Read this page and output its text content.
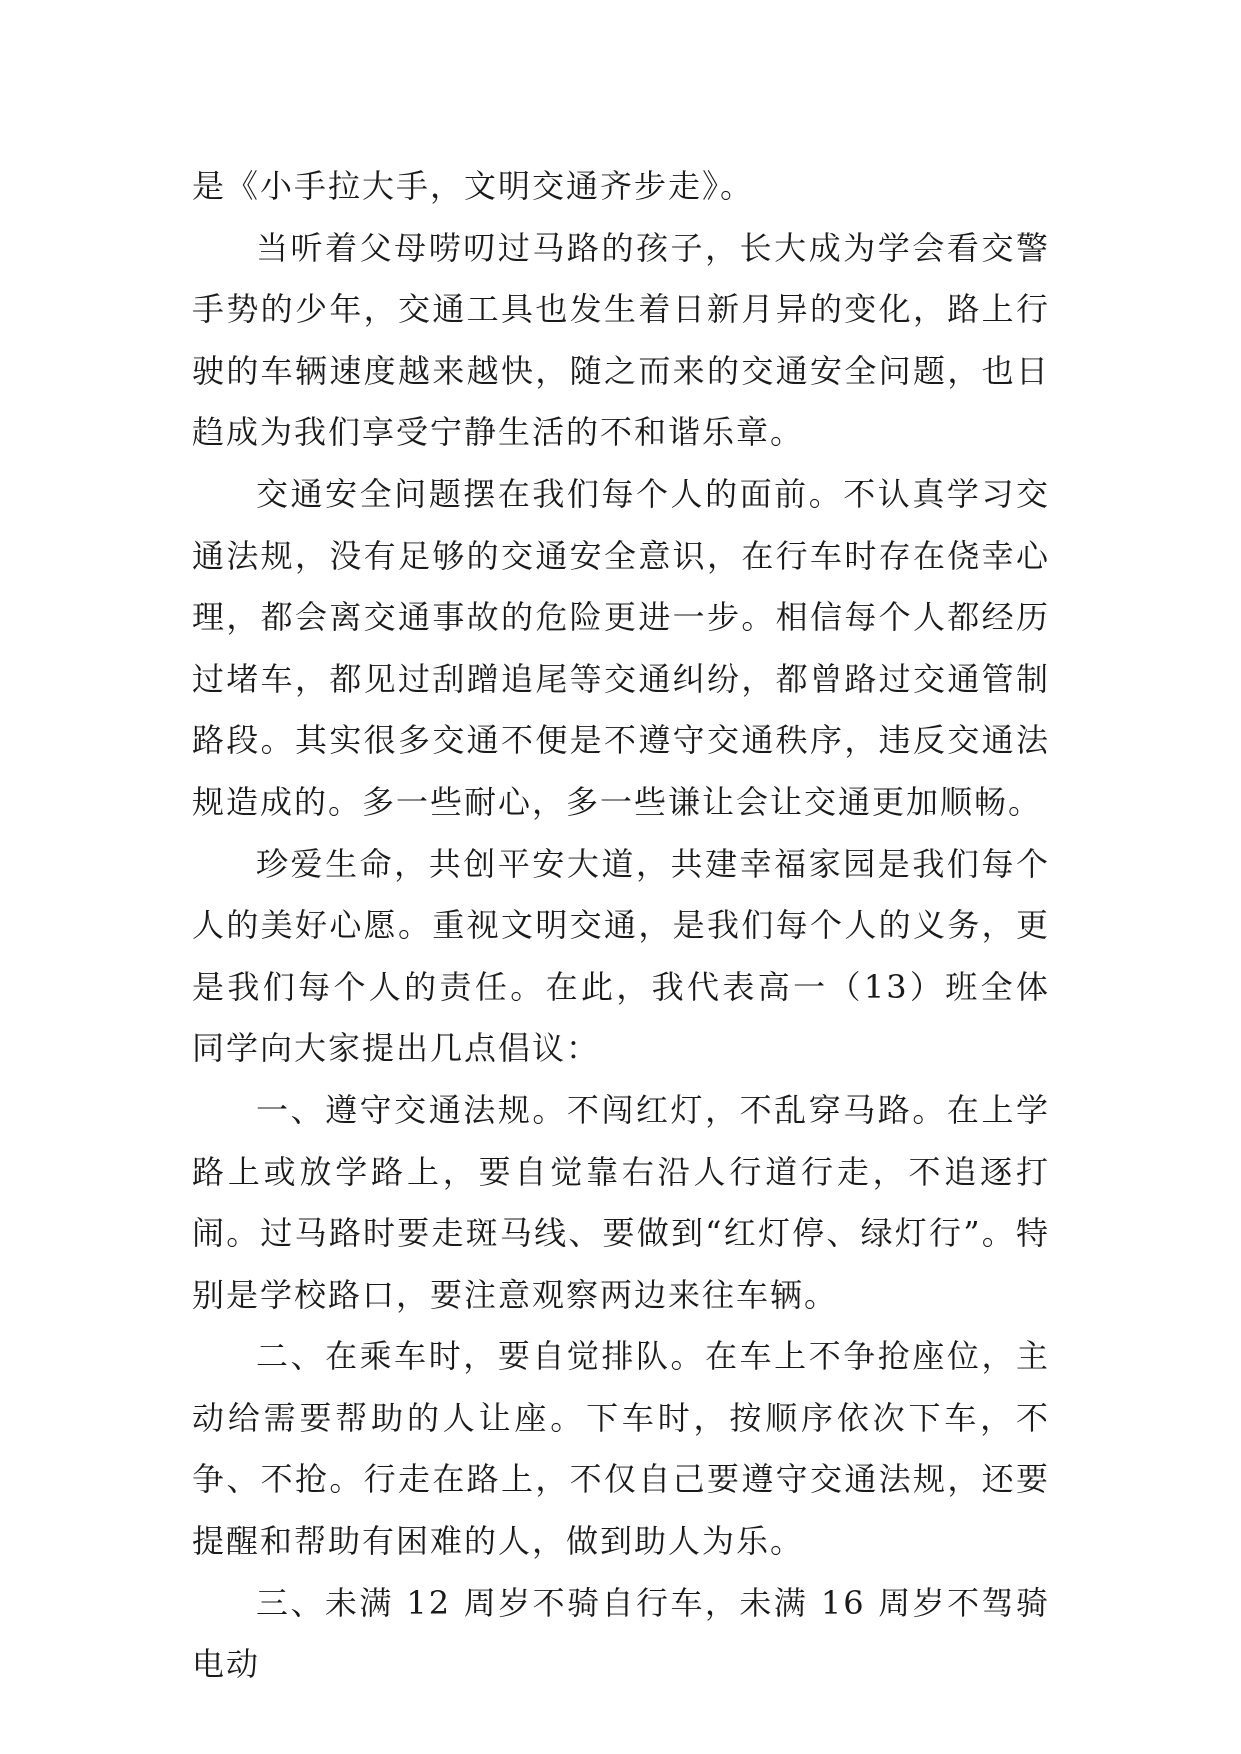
是《小手拉大手，文明交通齐步走》。

当听着父母唠叨过马路的孩子，长大成为学会看交警手势的少年，交通工具也发生着日新月异的变化，路上行驶的车辆速度越来越快，随之而来的交通安全问题，也日趋成为我们享受宁静生活的不和谐乐章。

交通安全问题摆在我们每个人的面前。不认真学习交通法规，没有足够的交通安全意识，在行车时存在侥幸心理，都会离交通事故的危险更进一步。相信每个人都经历过堵车，都见过刮蹭追尾等交通纠纷，都曾路过交通管制路段。其实很多交通不便是不遵守交通秩序，违反交通法规造成的。多一些耐心，多一些谦让会让交通更加顺畅。

珍爱生命，共创平安大道，共建幸福家园是我们每个人的美好心愿。重视文明交通，是我们每个人的义务，更是我们每个人的责任。在此，我代表高一（13）班全体同学向大家提出几点倡议：

一、遵守交通法规。不闯红灯，不乱穿马路。在上学路上或放学路上，要自觉靠右沿人行道行走，不追逐打闹。过马路时要走斑马线、要做到“红灯停、绿灯行”。特别是学校路口，要注意观察两边来往车辆。

二、在乘车时，要自觉排队。在车上不争抢座位，主动给需要帮助的人让座。下车时，按顺序依次下车，不争、不抢。行走在路上，不仅自己要遵守交通法规，还要提醒和帮助有困难的人，做到助人为乐。

三、未满 12 周岁不骑自行车，未满 16 周岁不驾骑电动
